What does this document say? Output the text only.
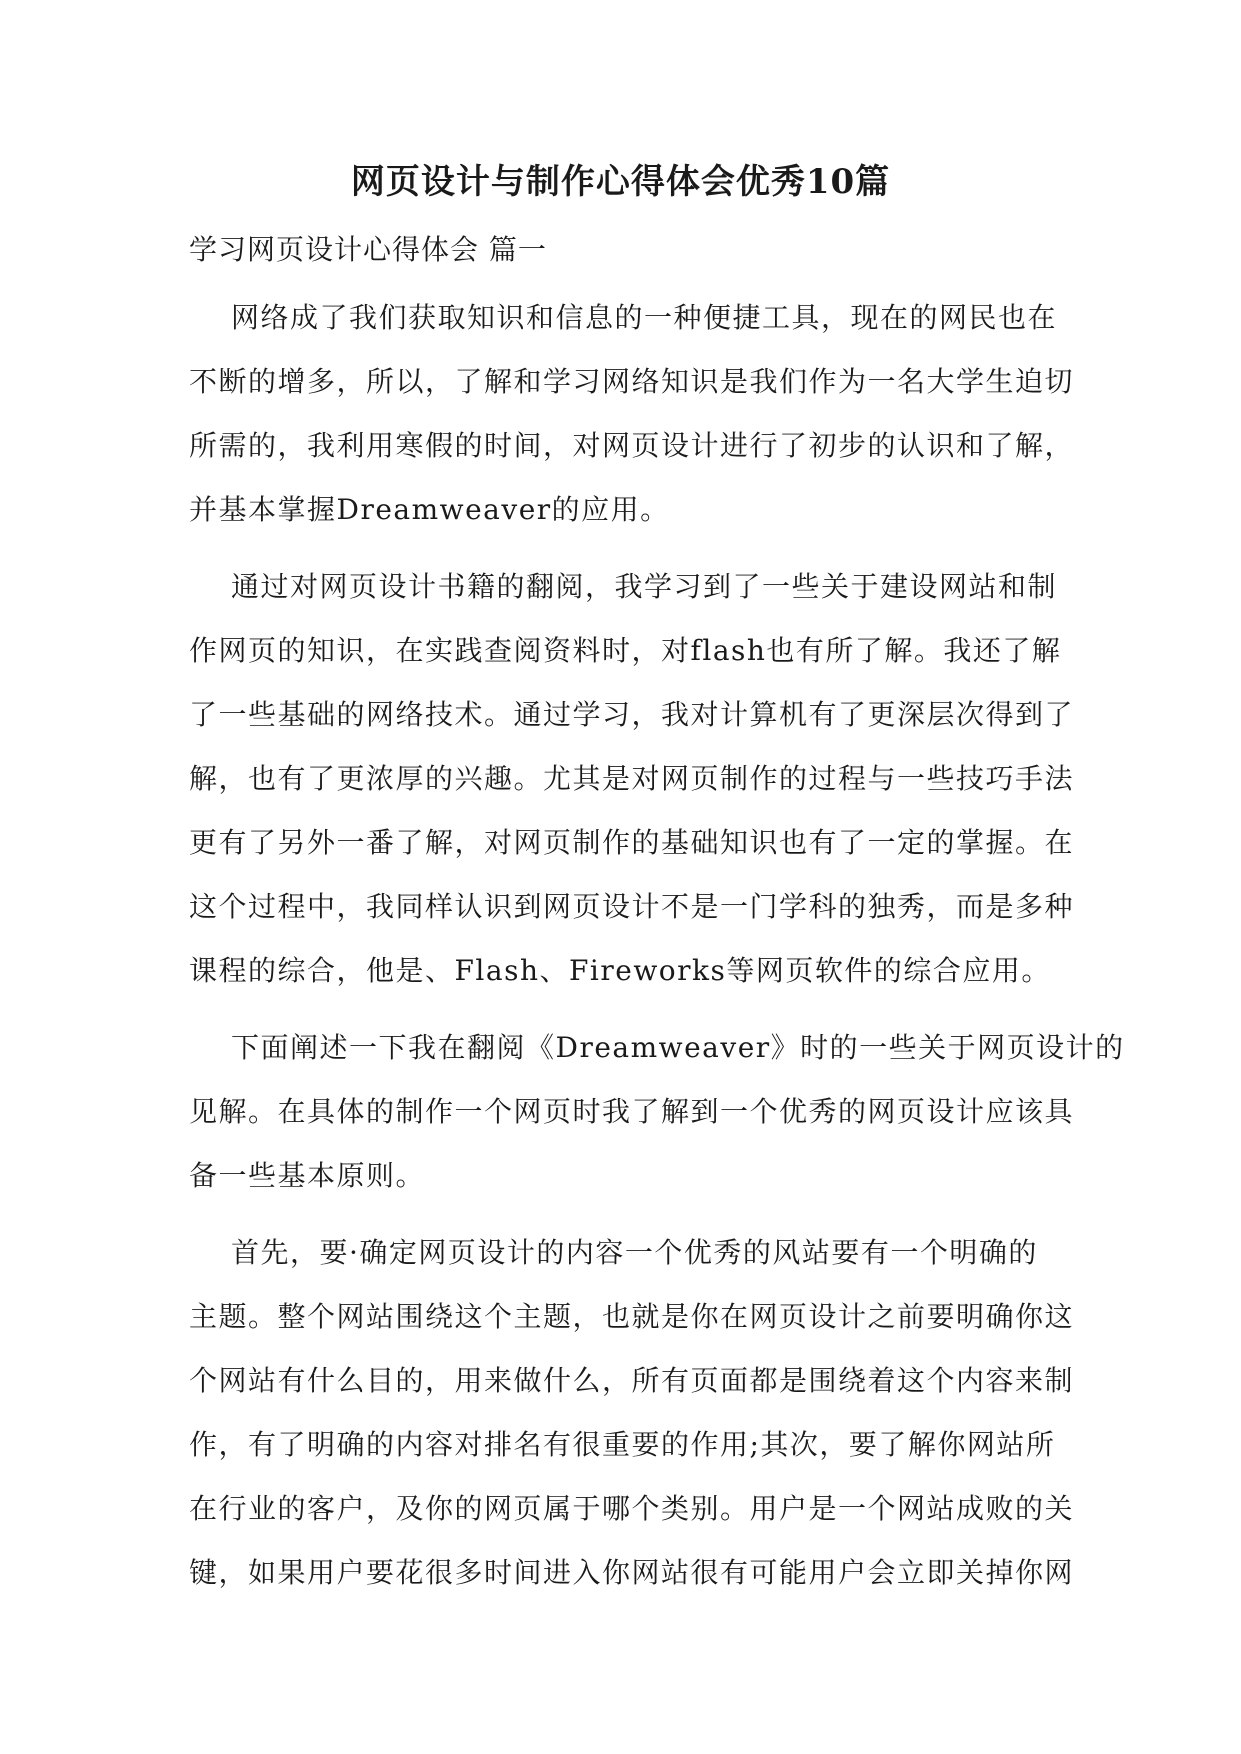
网页设计与制作心得体会优秀10篇
学习网页设计心得体会 篇一
网络成了我们获取知识和信息的一种便捷工具，现在的网民也在
不断的增多，所以，了解和学习网络知识是我们作为一名大学生迫切
所需的，我利用寒假的时间，对网页设计进行了初步的认识和了解，
并基本掌握Dreamweaver的应用。
通过对网页设计书籍的翻阅，我学习到了一些关于建设网站和制
作网页的知识，在实践查阅资料时，对flash也有所了解。我还了解
了一些基础的网络技术。通过学习，我对计算机有了更深层次得到了
解，也有了更浓厚的兴趣。尤其是对网页制作的过程与一些技巧手法
更有了另外一番了解，对网页制作的基础知识也有了一定的掌握。在
这个过程中，我同样认识到网页设计不是一门学科的独秀，而是多种
课程的综合，他是、Flash、Fireworks等网页软件的综合应用。
下面阐述一下我在翻阅《Dreamweaver》时的一些关于网页设计的
见解。在具体的制作一个网页时我了解到一个优秀的网页设计应该具
备一些基本原则。
首先，要·确定网页设计的内容一个优秀的风站要有一个明确的
主题。整个网站围绕这个主题，也就是你在网页设计之前要明确你这
个网站有什么目的，用来做什么，所有页面都是围绕着这个内容来制
作，有了明确的内容对排名有很重要的作用;其次，要了解你网站所
在行业的客户，及你的网页属于哪个类别。用户是一个网站成败的关
键，如果用户要花很多时间进入你网站很有可能用户会立即关掉你网
